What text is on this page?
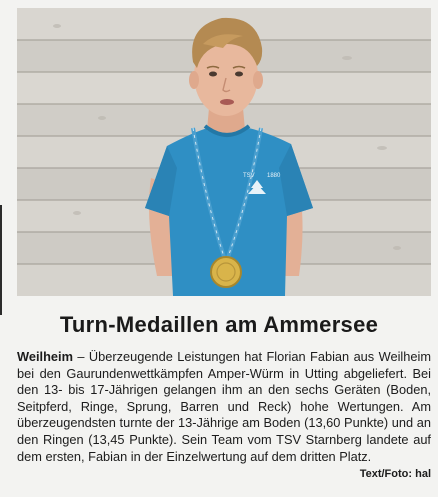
TSV 1880
Turn-Medaillen am Ammersee
Weilheim – Überzeugende Leistungen hat Florian Fabian aus Weilheim bei den Gaurundenwettkämpfen Amper-Würm in Utting abgeliefert. Bei den 13- bis 17-Jährigen gelangen ihm an den sechs Geräten (Boden, Seitpferd, Ringe, Sprung, Barren und Reck) hohe Wertungen. Am überzeugendsten turnte der 13-Jährige am Boden (13,60 Punkte) und an den Ringen (13,45 Punkte). Sein Team vom TSV Starnberg landete auf dem ersten, Fabian in der Einzelwertung auf dem dritten Platz.
Text/Foto: hal
